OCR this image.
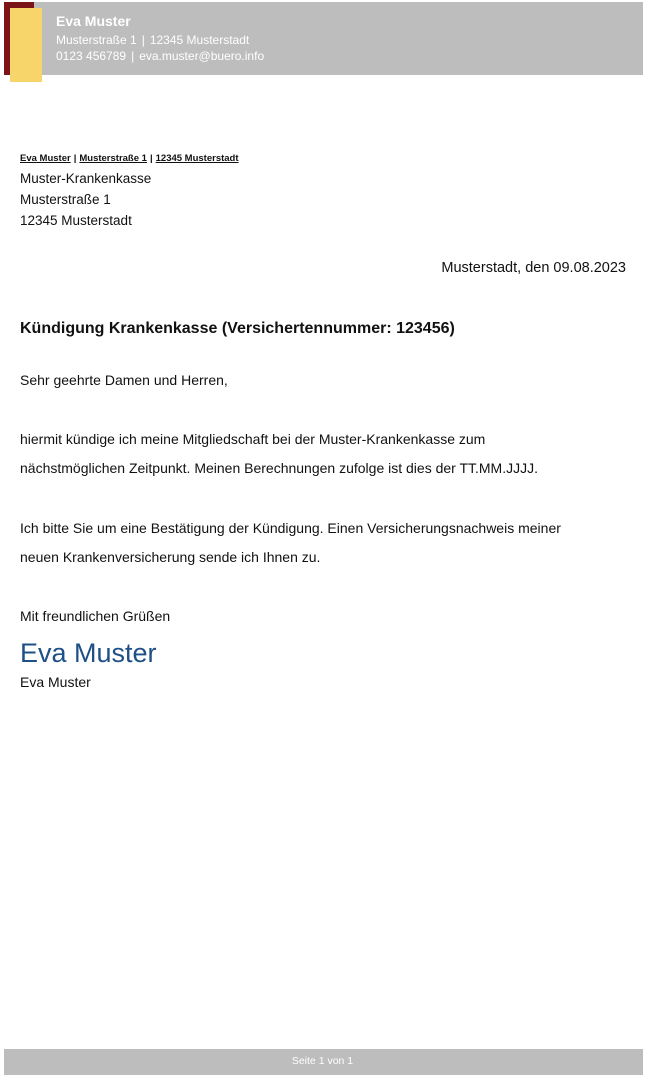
Eva Muster
Musterstraße 1 | 12345 Musterstadt
0123 456789 | eva.muster@buero.info
Eva Muster | Musterstraße 1 | 12345 Musterstadt
Muster-Krankenkasse
Musterstraße 1
12345 Musterstadt
Musterstadt, den 09.08.2023
Kündigung Krankenkasse (Versichertennummer: 123456)
Sehr geehrte Damen und Herren,
hiermit kündige ich meine Mitgliedschaft bei der Muster-Krankenkasse zum
nächstmöglichen Zeitpunkt. Meinen Berechnungen zufolge ist dies der TT.MM.JJJJ.
Ich bitte Sie um eine Bestätigung der Kündigung. Einen Versicherungsnachweis meiner
neuen Krankenversicherung sende ich Ihnen zu.
Mit freundlichen Grüßen
Eva Muster
Eva Muster
Seite 1 von 1
